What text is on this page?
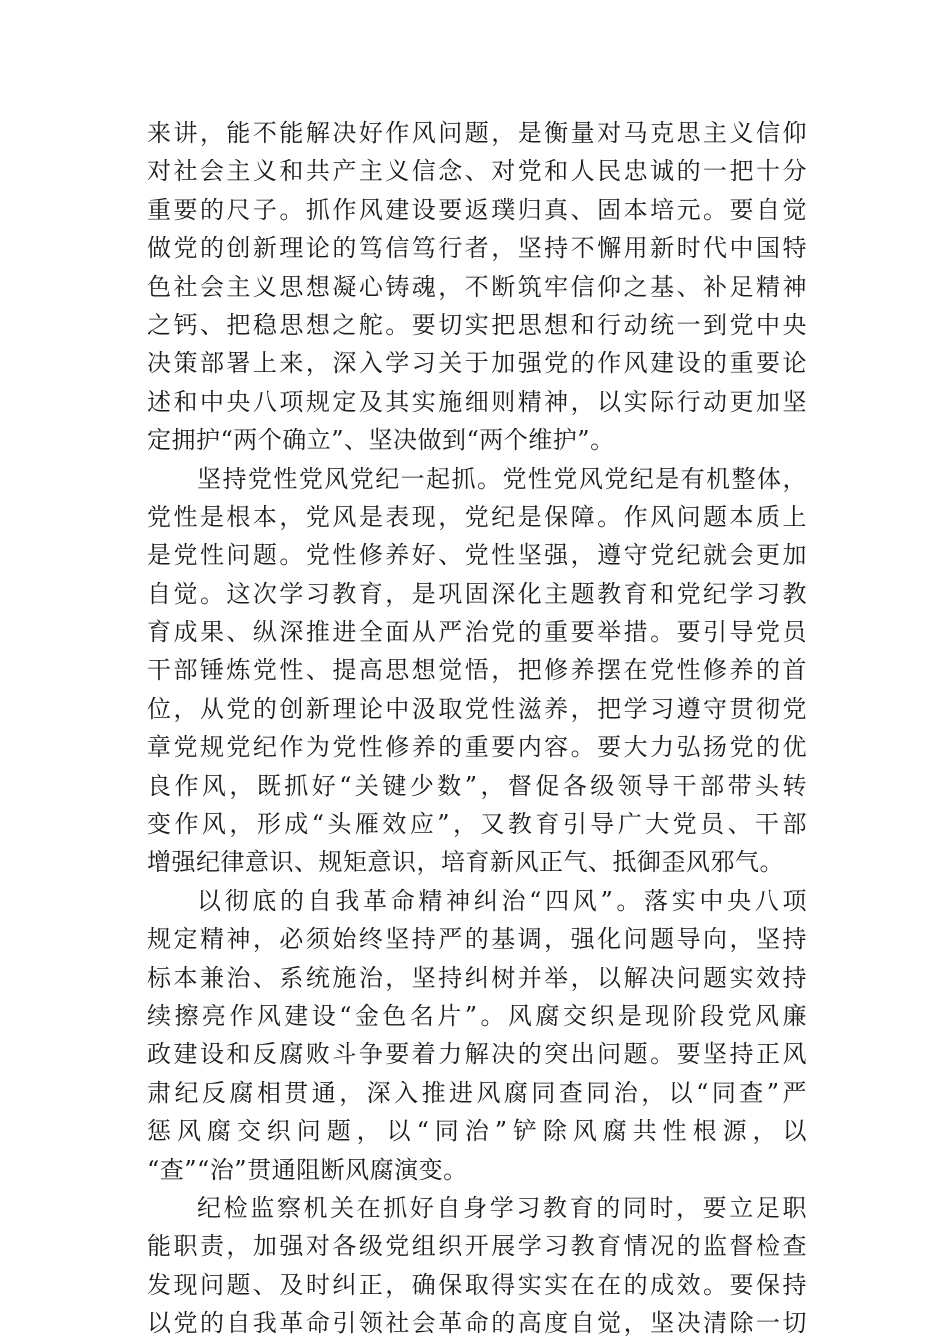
来讲，能不能解决好作风问题，是衡量对马克思主义信仰
对社会主义和共产主义信念、对党和人民忠诚的一把十分
重要的尺子。抓作风建设要返璞归真、固本培元。要自觉
做党的创新理论的笃信笃行者，坚持不懈用新时代中国特
色社会主义思想凝心铸魂，不断筑牢信仰之基、补足精神
之钙、把稳思想之舵。要切实把思想和行动统一到党中央
决策部署上来，深入学习关于加强党的作风建设的重要论
述和中央八项规定及其实施细则精神，以实际行动更加坚
定拥护“两个确立”、坚决做到“两个维护”。
坚持党性党风党纪一起抓。党性党风党纪是有机整体，
党性是根本，党风是表现，党纪是保障。作风问题本质上
是党性问题。党性修养好、党性坚强，遵守党纪就会更加
自觉。这次学习教育，是巩固深化主题教育和党纪学习教
育成果、纵深推进全面从严治党的重要举措。要引导党员
干部锤炼党性、提高思想觉悟，把修养摆在党性修养的首
位，从党的创新理论中汲取党性滋养，把学习遵守贯彻党
章党规党纪作为党性修养的重要内容。要大力弘扬党的优
良作风，既抓好“关键少数”，督促各级领导干部带头转
变作风，形成“头雁效应”，又教育引导广大党员、干部
增强纪律意识、规矩意识，培育新风正气、抵御歪风邪气。
以彻底的自我革命精神纠治“四风”。落实中央八项
规定精神，必须始终坚持严的基调，强化问题导向，坚持
标本兼治、系统施治，坚持纠树并举，以解决问题实效持
续擦亮作风建设“金色名片”。风腐交织是现阶段党风廉
政建设和反腐败斗争要着力解决的突出问题。要坚持正风
肃纪反腐相贯通，深入推进风腐同查同治，以“同查”严
惩风腐交织问题，以“同治”铲除风腐共性根源，以
“查”“治”贯通阻断风腐演变。
纪检监察机关在抓好自身学习教育的同时，要立足职
能职责，加强对各级党组织开展学习教育情况的监督检查
发现问题、及时纠正，确保取得实实在在的成效。要保持
以党的自我革命引领社会革命的高度自觉，坚决清除一切
